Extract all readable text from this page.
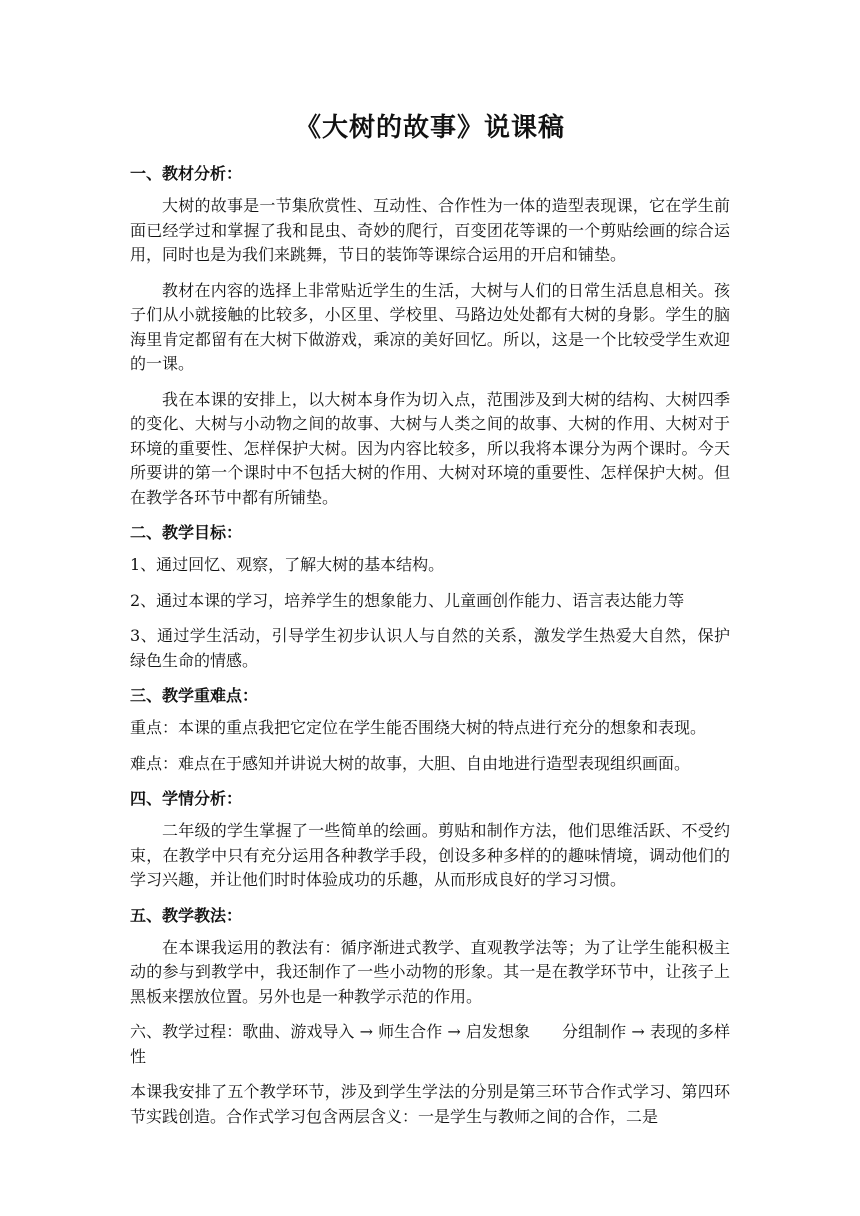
《大树的故事》说课稿
一、教材分析：

大树的故事是一节集欣赏性、互动性、合作性为一体的造型表现课，它在学生前面已经学过和掌握了我和昆虫、奇妙的爬行，百变团花等课的一个剪贴绘画的综合运用，同时也是为我们来跳舞，节日的装饰等课综合运用的开启和铺垫。

教材在内容的选择上非常贴近学生的生活，大树与人们的日常生活息息相关。孩子们从小就接触的比较多，小区里、学校里、马路边处处都有大树的身影。学生的脑海里肯定都留有在大树下做游戏，乘凉的美好回忆。所以，这是一个比较受学生欢迎的一课。

我在本课的安排上，以大树本身作为切入点，范围涉及到大树的结构、大树四季的变化、大树与小动物之间的故事、大树与人类之间的故事、大树的作用、大树对于环境的重要性、怎样保护大树。因为内容比较多，所以我将本课分为两个课时。今天所要讲的第一个课时中不包括大树的作用、大树对环境的重要性、怎样保护大树。但在教学各环节中都有所铺垫。

二、教学目标：

1、通过回忆、观察，了解大树的基本结构。

2、通过本课的学习，培养学生的想象能力、儿童画创作能力、语言表达能力等

3、通过学生活动，引导学生初步认识人与自然的关系，激发学生热爱大自然，保护绿色生命的情感。

三、教学重难点：

重点：本课的重点我把它定位在学生能否围绕大树的特点进行充分的想象和表现。

难点：难点在于感知并讲说大树的故事，大胆、自由地进行造型表现组织画面。

四、学情分析：

二年级的学生掌握了一些简单的绘画。剪贴和制作方法，他们思维活跃、不受约束，在教学中只有充分运用各种教学手段，创设多种多样的的趣味情境，调动他们的学习兴趣，并让他们时时体验成功的乐趣，从而形成良好的学习习惯。

五、教学教法：

在本课我运用的教法有：循序渐进式教学、直观教学法等；为了让学生能积极主动的参与到教学中，我还制作了一些小动物的形象。其一是在教学环节中，让孩子上黑板来摆放位置。另外也是一种教学示范的作用。

六、教学过程：歌曲、游戏导入 → 师生合作 → 启发想象　　分组制作 → 表现的多样性

本课我安排了五个教学环节，涉及到学生学法的分别是第三环节合作式学习、第四环节实践创造。合作式学习包含两层含义：一是学生与教师之间的合作，二是
